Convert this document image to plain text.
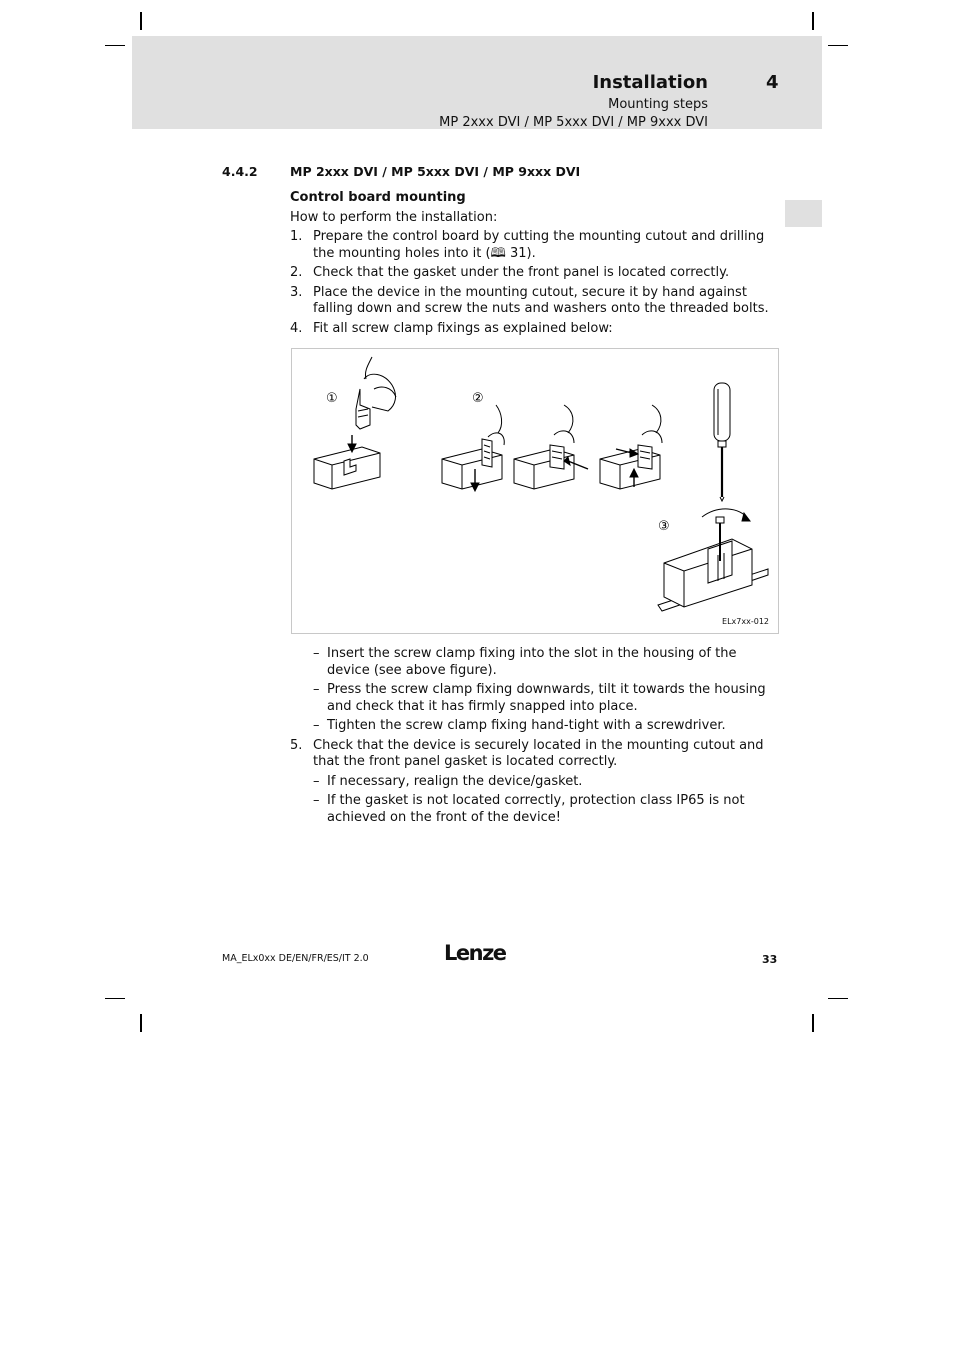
Installation	4
Mounting steps
MP 2xxx DVI / MP 5xxx DVI / MP 9xxx DVI
4.4.2	MP 2xxx DVI / MP 5xxx DVI / MP 9xxx DVI
Control board mounting
How to perform the installation:
1. Prepare the control board by cutting the mounting cutout and drilling the mounting holes into it (🕮 31).
2. Check that the gasket under the front panel is located correctly.
3. Place the device in the mounting cutout, secure it by hand against falling down and screw the nuts and washers onto the threaded bolts.
4. Fit all screw clamp fixings as explained below:
①	②
③
ELx7xx-012
– Insert the screw clamp fixing into the slot in the housing of the device (see above figure).
– Press the screw clamp fixing downwards, tilt it towards the housing and check that it has firmly snapped into place.
– Tighten the screw clamp fixing hand-tight with a screwdriver.
5. Check that the device is securely located in the mounting cutout and that the front panel gasket is located correctly.
– If necessary, realign the device/gasket.
– If the gasket is not located correctly, protection class IP65 is not achieved on the front of the device!
MA_ELx0xx DE/EN/FR/ES/IT 2.0	Lenze	33
